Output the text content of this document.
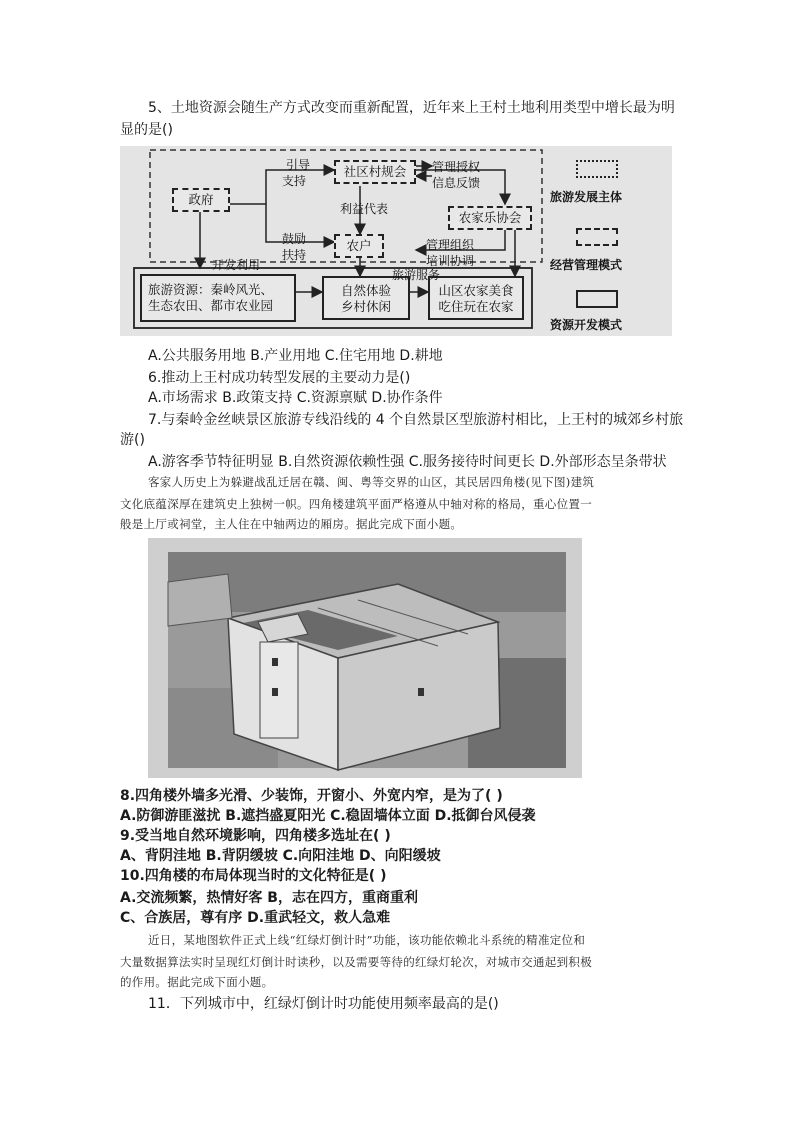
5、土地资源会随生产方式改变而重新配置，近年来上王村土地利用类型中增长最为明
显的是()
政府
社区村规会
农家乐协会
农户
旅游资源：秦岭风光、
生态农田、都市农业园
自然体验
乡村休闲
山区农家美食
吃住玩在农家
引导
支持
利益代表
管理授权
信息反馈
鼓励
扶持
管理组织
培训协调
开发利用
旅游服务
旅游发展主体
经营管理模式
资源开发模式
A.公共服务用地 B.产业用地 C.住宅用地 D.耕地
6.推动上王村成功转型发展的主要动力是()
A.市场需求 B.政策支持 C.资源禀赋 D.协作条件
7.与秦岭金丝峡景区旅游专线沿线的 4 个自然景区型旅游村相比，上王村的城郊乡村旅
游()
A.游客季节特征明显 B.自然资源依赖性强 C.服务接待时间更长 D.外部形态呈条带状
客家人历史上为躲避战乱迁居在赣、闽、粤等交界的山区，其民居四角楼(见下图)建筑
文化底蕴深厚在建筑史上独树一帜。四角楼建筑平面严格遵从中轴对称的格局，重心位置一
般是上厅或祠堂，主人住在中轴两边的厢房。据此完成下面小题。
8.四角楼外墙多光滑、少装饰，开窗小、外宽内窄，是为了( )
A.防御游匪滋扰 B.遮挡盛夏阳光 C.稳固墙体立面 D.抵御台风侵袭
9.受当地自然环境影响，四角楼多选址在( )
A、背阴洼地 B.背阴缓坡 C.向阳洼地 D、向阳缓坡
10.四角楼的布局体现当时的文化特征是( )
A.交流频繁，热情好客 B，志在四方，重商重利
C、合族居，尊有序 D.重武轻文，救人急难
近日，某地图软件正式上线“红绿灯倒计时”功能，该功能依赖北斗系统的精准定位和
大量数据算法实时呈现红灯倒计时读秒，以及需要等待的红绿灯轮次，对城市交通起到积极
的作用。据此完成下面小题。
11．下列城市中，红绿灯倒计时功能使用频率最高的是()
